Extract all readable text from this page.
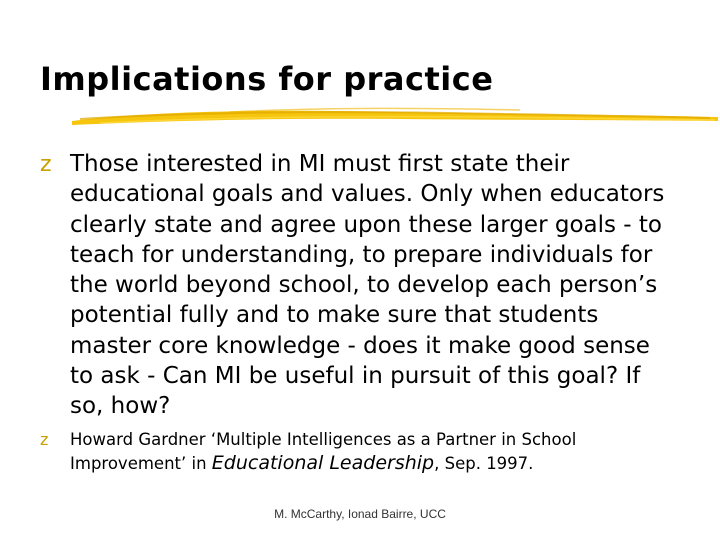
Implications for practice
z Those interested in MI must first state their educational goals and values. Only when educators clearly state and agree upon these larger goals - to teach for understanding, to prepare individuals for the world beyond school, to develop each person’s potential fully and to make sure that students master core knowledge - does it make good sense to ask - Can MI be useful in pursuit of this goal? If so, how?
z	Howard Gardner ‘Multiple Intelligences as a Partner in School
Improvement’ in Educational Leadership, Sep. 1997.
M. McCarthy, Ionad Bairre, UCC
